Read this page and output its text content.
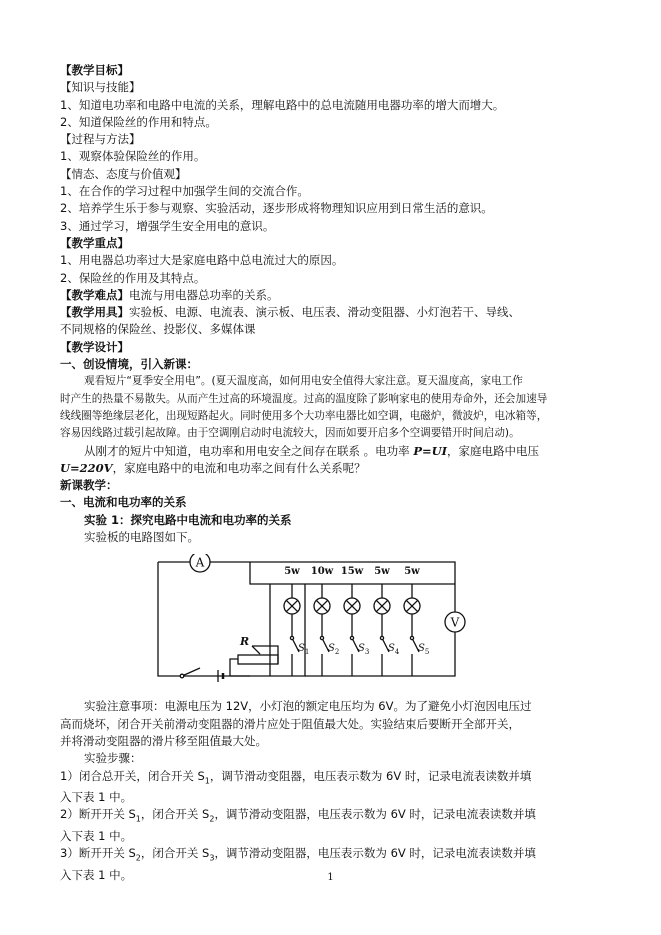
【教学目标】
【知识与技能】
1、知道电功率和电路中电流的关系，理解电路中的总电流随用电器功率的增大而增大。
2、知道保险丝的作用和特点。
【过程与方法】
1、观察体验保险丝的作用。
【情态、态度与价值观】
1、在合作的学习过程中加强学生间的交流合作。
2、培养学生乐于参与观察、实验活动，逐步形成将物理知识应用到日常生活的意识。
3、通过学习，增强学生安全用电的意识。
【教学重点】
1、用电器总功率过大是家庭电路中总电流过大的原因。
2、保险丝的作用及其特点。
【教学难点】电流与用电器总功率的关系。
【教学用具】实验板、电源、电流表、演示板、电压表、滑动变阻器、小灯泡若干、导线、
不同规格的保险丝、投影仪、多媒体课
【教学设计】
一、创设情境，引入新课：
观看短片“夏季安全用电”。(夏天温度高，如何用电安全值得大家注意。夏天温度高，家电工作
时产生的热量不易散失。从而产生过高的环境温度。过高的温度除了影响家电的使用寿命外，还会加速导
线线圈等绝缘层老化，出现短路起火。同时使用多个大功率电器比如空调，电磁炉，微波炉，电冰箱等，
容易因线路过载引起故障。由于空调刚启动时电流较大，因而如要开启多个空调要错开时间启动)。
从刚才的短片中知道，电功率和用电安全之间存在联系 。电功率 P=UI，家庭电路中电压
U=220V，家庭电路中的电流和电功率之间有什么关系呢？
新课教学：
一、电流和电功率的关系
实验 1：探究电路中电流和电功率的关系
实验板的电路图如下。
A
R
V
5w
$S_1$
10w
$S_2$
15w
$S_3$
5w
$S_4$
5w
$S_5$
实验注意事项：电源电压为 12V，小灯泡的额定电压均为 6V。为了避免小灯泡因电压过
高而烧坏，闭合开关前滑动变阻器的滑片应处于阻值最大处。实验结束后要断开全部开关，
并将滑动变阻器的滑片移至阻值最大处。
实验步骤：
1）闭合总开关，闭合开关 $S_1$，调节滑动变阻器，电压表示数为 6V 时，记录电流表读数并填
入下表 1 中。
2）断开开关 $S_1$，闭合开关 $S_2$，调节滑动变阻器，电压表示数为 6V 时，记录电流表读数并填
入下表 1 中。
3）断开开关 $S_2$，闭合开关 $S_3$，调节滑动变阻器，电压表示数为 6V 时，记录电流表读数并填
入下表 1 中。	1
